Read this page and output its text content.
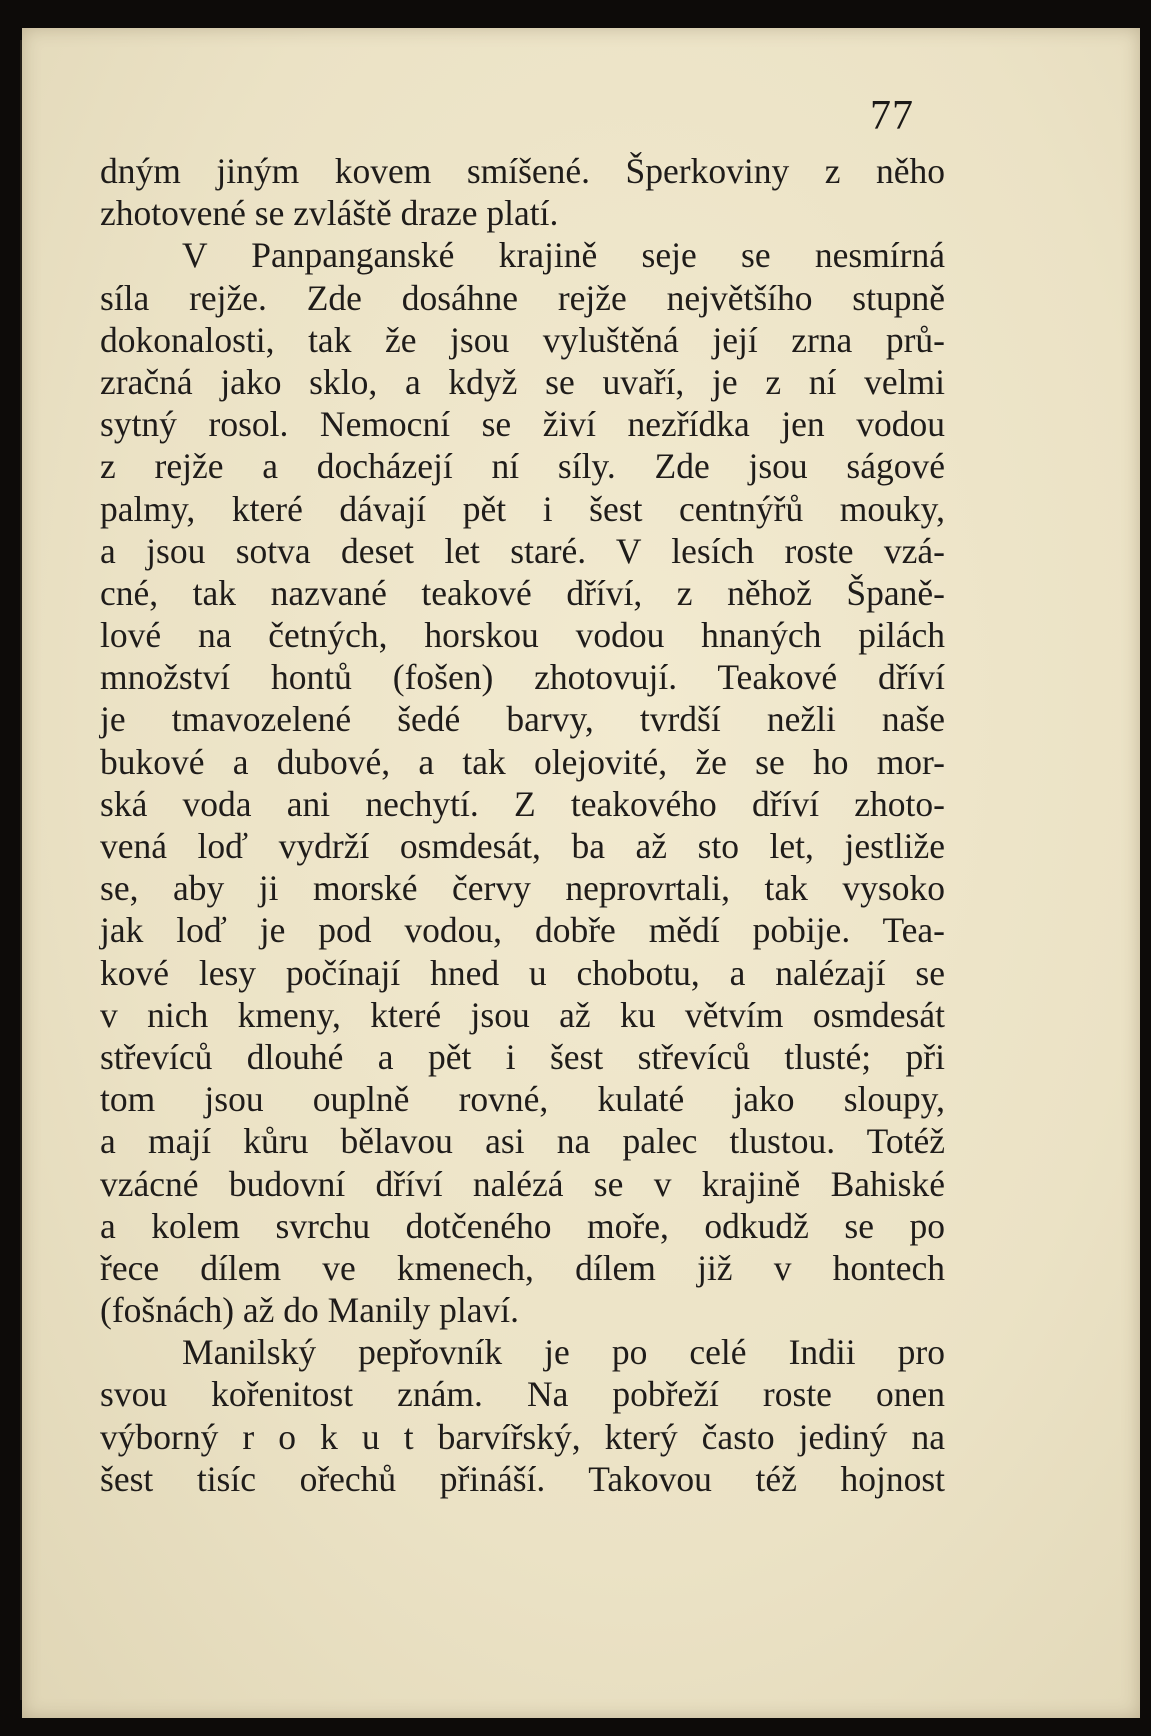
77
dným jiným kovem smíšené. Šperkoviny z něho
zhotovené se zvláště draze platí.
V Panpanganské krajině seje se nesmírná
síla rejže. Zde dosáhne rejže největšího stupně
dokonalosti, tak že jsou vyluštěná její zrna prů-
zračná jako sklo, a když se uvaří, je z ní velmi
sytný rosol. Nemocní se živí nezřídka jen vodou
z rejže a docházejí ní síly. Zde jsou ságové
palmy, které dávají pět i šest centnýřů mouky,
a jsou sotva deset let staré. V lesích roste vzá-
cné, tak nazvané teakové dříví, z něhož Španě-
lové na četných, horskou vodou hnaných pilách
množství hontů (fošen) zhotovují. Teakové dříví
je tmavozelené šedé barvy, tvrdší nežli naše
bukové a dubové, a tak olejovité, že se ho mor-
ská voda ani nechytí. Z teakového dříví zhoto-
vená loď vydrží osmdesát, ba až sto let, jestliže
se, aby ji morské červy neprovrtali, tak vysoko
jak loď je pod vodou, dobře mědí pobije. Tea-
kové lesy počínají hned u chobotu, a nalézají se
v nich kmeny, které jsou až ku větvím osmdesát
střevíců dlouhé a pět i šest střevíců tlusté; při
tom jsou ouplně rovné, kulaté jako sloupy,
a mají kůru bělavou asi na palec tlustou. Totéž
vzácné budovní dříví nalézá se v krajině Bahiské
a kolem svrchu dotčeného moře, odkudž se po
řece dílem ve kmenech, dílem již v hontech
(fošnách) až do Manily plaví.
Manilský pepřovník je po celé Indii pro
svou kořenitost znám. Na pobřeží roste onen
výborný r o k u t barvířský, který často jediný na
šest tisíc ořechů přináší. Takovou též hojnost
